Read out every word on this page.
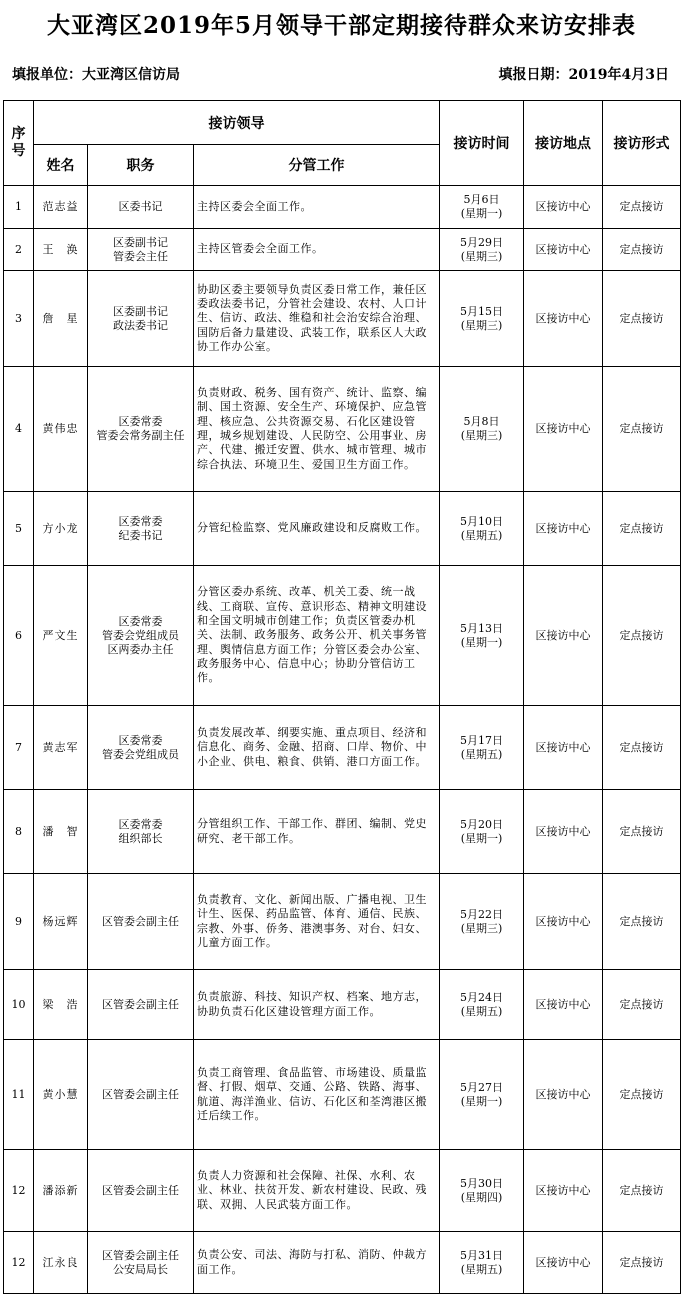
大亚湾区2019年5月领导干部定期接待群众来访安排表
填报单位：大亚湾区信访局	填报日期：2019年4月3日
序号	接访领导			接访时间	接访地点	接访形式
	姓名	职务	分管工作			
1	范志益	区委书记	主持区委会全面工作。	5月6日
(星期一)	区接访中心	定点接访
2	王　涣	区委副书记
管委会主任	主持区管委会全面工作。	5月29日
(星期三)	区接访中心	定点接访
3	詹　星	区委副书记
政法委书记	协助区委主要领导负责区委日常工作，兼任区委政法委书记，分管社会建设、农村、人口计生、信访、政法、维稳和社会治安综合治理、国防后备力量建设、武装工作，联系区人大政协工作办公室。	5月15日
(星期三)	区接访中心	定点接访
4	黄伟忠	区委常委
管委会常务副主任	负责财政、税务、国有资产、统计、监察、编制、国土资源、安全生产、环境保护、应急管理、核应急、公共资源交易、石化区建设管理，城乡规划建设、人民防空、公用事业、房产、代建、搬迁安置、供水、城市管理、城市综合执法、环境卫生、爱国卫生方面工作。	5月8日
(星期三)	区接访中心	定点接访
5	方小龙	区委常委
纪委书记	分管纪检监察、党风廉政建设和反腐败工作。	5月10日
(星期五)	区接访中心	定点接访
6	严文生	区委常委
管委会党组成员
区两委办主任	分管区委办系统、改革、机关工委、统一战线、工商联、宣传、意识形态、精神文明建设和全国文明城市创建工作；负责区管委办机关、法制、政务服务、政务公开、机关事务管理、舆情信息方面工作；分管区委会办公室、政务服务中心、信息中心；协助分管信访工作。	5月13日
(星期一)	区接访中心	定点接访
7	黄志军	区委常委
管委会党组成员	负责发展改革、纲要实施、重点项目、经济和信息化、商务、金融、招商、口岸、物价、中小企业、供电、粮食、供销、港口方面工作。	5月17日
(星期五)	区接访中心	定点接访
8	潘　智	区委常委
组织部长	分管组织工作、干部工作、群团、编制、党史研究、老干部工作。	5月20日
(星期一)	区接访中心	定点接访
9	杨远辉	区管委会副主任	负责教育、文化、新闻出版、广播电视、卫生计生、医保、药品监管、体育、通信、民族、宗教、外事、侨务、港澳事务、对台、妇女、儿童方面工作。	5月22日
(星期三)	区接访中心	定点接访
10	梁　浩	区管委会副主任	负责旅游、科技、知识产权、档案、地方志，协助负责石化区建设管理方面工作。	5月24日
(星期五)	区接访中心	定点接访
11	黄小慧	区管委会副主任	负责工商管理、食品监管、市场建设、质量监督、打假、烟草、交通、公路、铁路、海事、航道、海洋渔业、信访、石化区和荃湾港区搬迁后续工作。	5月27日
(星期一)	区接访中心	定点接访
12	潘添新	区管委会副主任	负责人力资源和社会保障、社保、水利、农业、林业、扶贫开发、新农村建设、民政、残联、双拥、人民武装方面工作。	5月30日
(星期四)	区接访中心	定点接访
12	江永良	区管委会副主任
公安局局长	负责公安、司法、海防与打私、消防、仲裁方面工作。	5月31日
(星期五)	区接访中心	定点接访
